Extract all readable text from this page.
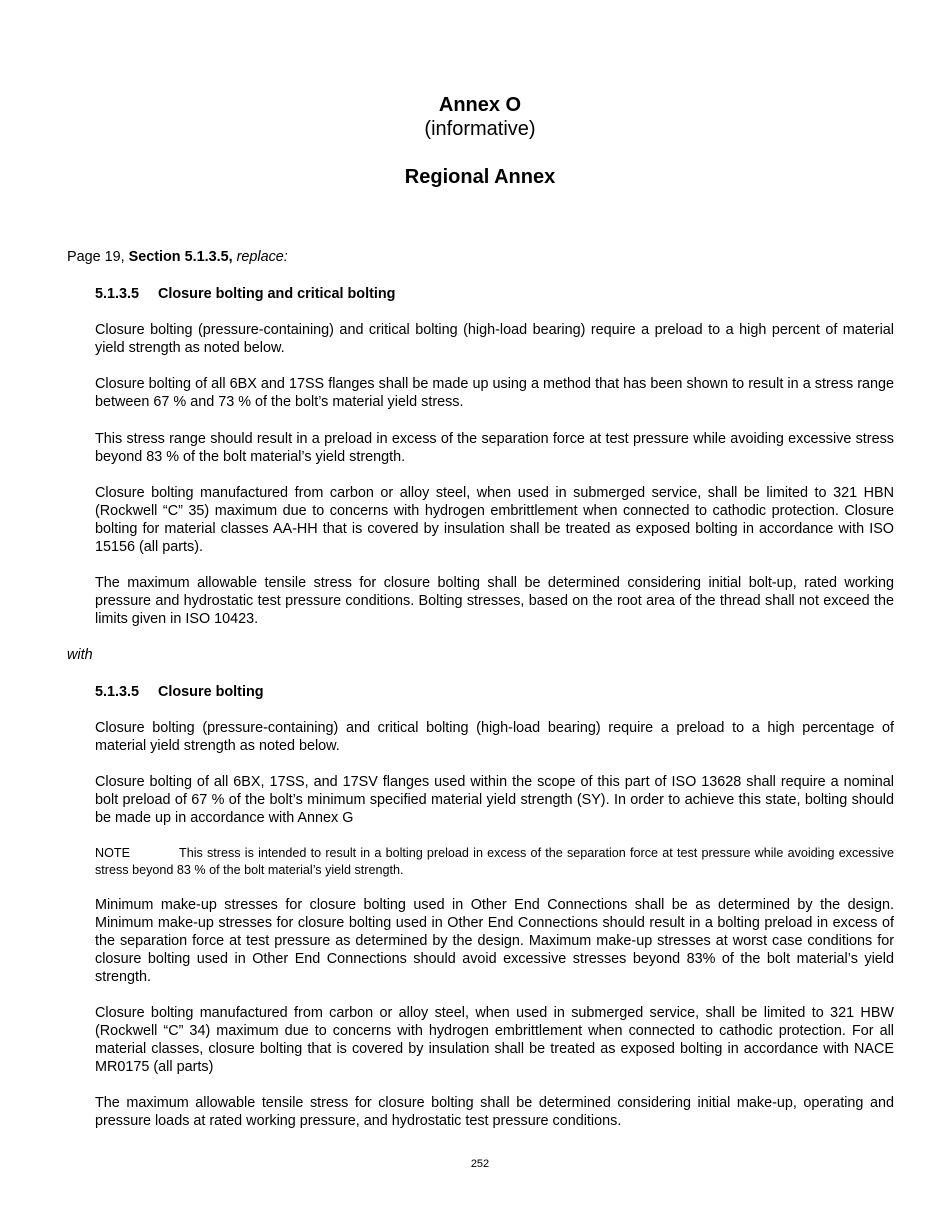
Annex O
(informative)
Regional Annex
Page 19, Section 5.1.3.5, replace:
5.1.3.5 Closure bolting and critical bolting
Closure bolting (pressure-containing) and critical bolting (high-load bearing) require a preload to a high percent of material yield strength as noted below.
Closure bolting of all 6BX and 17SS flanges shall be made up using a method that has been shown to result in a stress range between 67 % and 73 % of the bolt’s material yield stress.
This stress range should result in a preload in excess of the separation force at test pressure while avoiding excessive stress beyond 83 % of the bolt material’s yield strength.
Closure bolting manufactured from carbon or alloy steel, when used in submerged service, shall be limited to 321 HBN (Rockwell “C” 35) maximum due to concerns with hydrogen embrittlement when connected to cathodic protection. Closure bolting for material classes AA-HH that is covered by insulation shall be treated as exposed bolting in accordance with ISO 15156 (all parts).
The maximum allowable tensile stress for closure bolting shall be determined considering initial bolt-up, rated working pressure and hydrostatic test pressure conditions. Bolting stresses, based on the root area of the thread shall not exceed the limits given in ISO 10423.
with
5.1.3.5 Closure bolting
Closure bolting (pressure-containing) and critical bolting (high-load bearing) require a preload to a high percentage of material yield strength as noted below.
Closure bolting of all 6BX, 17SS, and 17SV flanges used within the scope of this part of ISO 13628 shall require a nominal bolt preload of 67 % of the bolt’s minimum specified material yield strength (SY). In order to achieve this state, bolting should be made up in accordance with Annex G
NOTE	This stress is intended to result in a bolting preload in excess of the separation force at test pressure while avoiding excessive stress beyond 83 % of the bolt material’s yield strength.
Minimum make-up stresses for closure bolting used in Other End Connections shall be as determined by the design. Minimum make-up stresses for closure bolting used in Other End Connections should result in a bolting preload in excess of the separation force at test pressure as determined by the design. Maximum make-up stresses at worst case conditions for closure bolting used in Other End Connections should avoid excessive stresses beyond 83% of the bolt material’s yield strength.
Closure bolting manufactured from carbon or alloy steel, when used in submerged service, shall be limited to 321 HBW (Rockwell “C” 34) maximum due to concerns with hydrogen embrittlement when connected to cathodic protection. For all material classes, closure bolting that is covered by insulation shall be treated as exposed bolting in accordance with NACE MR0175 (all parts)
The maximum allowable tensile stress for closure bolting shall be determined considering initial make-up, operating and pressure loads at rated working pressure, and hydrostatic test pressure conditions.
252
